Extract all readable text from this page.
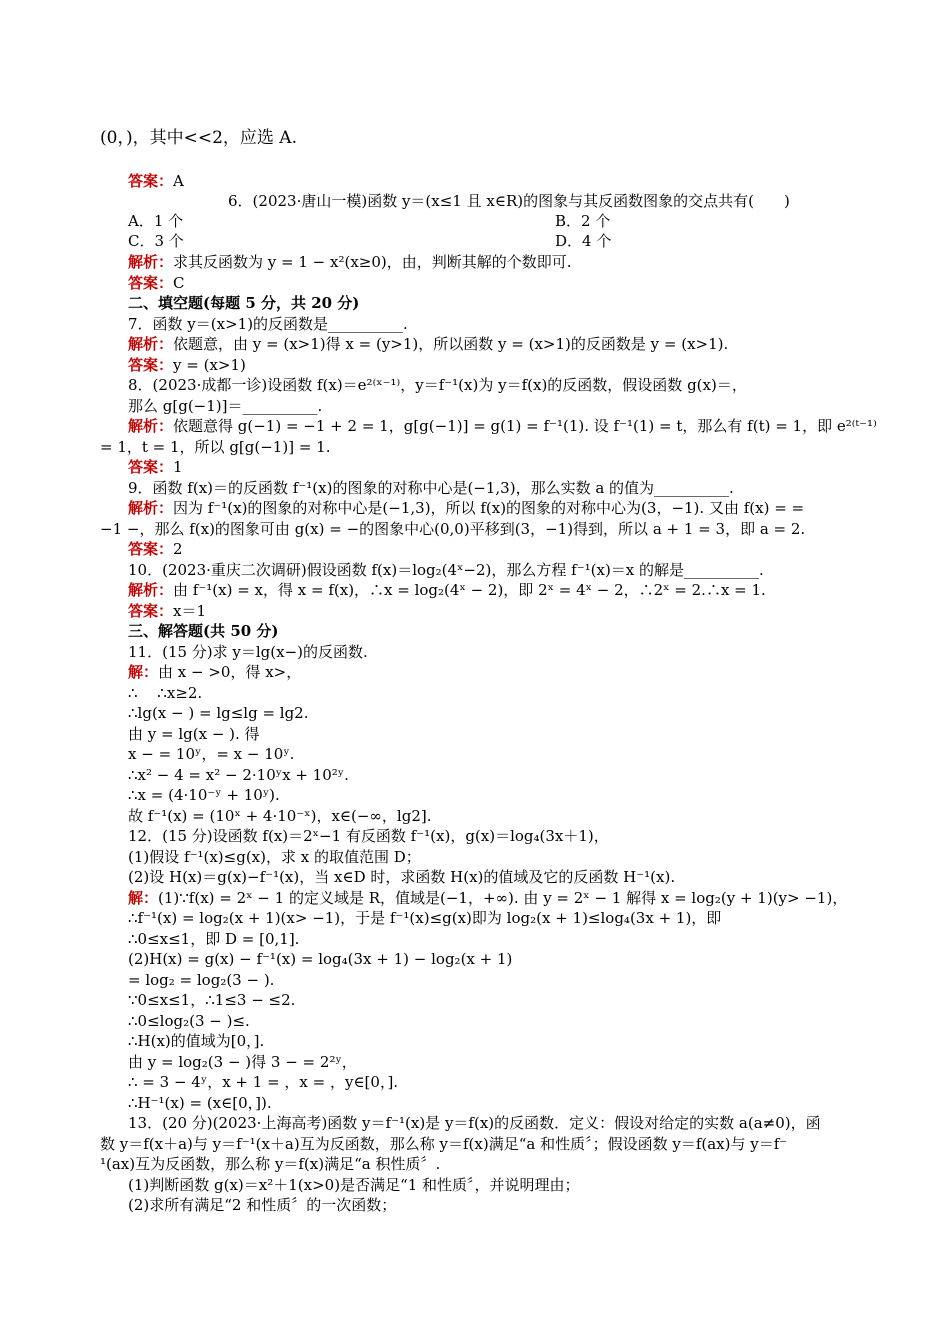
(0，)，其中<<2，应选 A.
答案：A
6．(2023·唐山一模)函数 y＝(x≤1 且 x∈R)的图象与其反函数图象的交点共有(　　)
A．1 个	B．2 个
C．3 个	D．4 个
解析：求其反函数为 y = 1 − x²(x≥0)，由，判断其解的个数即可.
答案：C
二、填空题(每题 5 分，共 20 分)
7．函数 y＝(x>1)的反函数是__________.
解析：依题意，由 y = (x>1)得 x = (y>1)，所以函数 y = (x>1)的反函数是 y = (x>1).
答案：y = (x>1)
8．(2023·成都一诊)设函数 f(x)＝e²⁽ˣ⁻¹⁾，y＝f⁻¹(x)为 y＝f(x)的反函数，假设函数 g(x)＝，
那么 g[g(−1)]＝__________.
解析：依题意得 g(−1) = −1 + 2 = 1，g[g(−1)] = g(1) = f⁻¹(1). 设 f⁻¹(1) = t，那么有 f(t) = 1，即 e²⁽ᵗ⁻¹⁾
= 1，t = 1，所以 g[g(−1)] = 1.
答案：1
9．函数 f(x)＝的反函数 f⁻¹(x)的图象的对称中心是(−1,3)，那么实数 a 的值为__________.
解析：因为 f⁻¹(x)的图象的对称中心是(−1,3)，所以 f(x)的图象的对称中心为(3，−1). 又由 f(x) = =
−1 −，那么 f(x)的图象可由 g(x) = −的图象中心(0,0)平移到(3，−1)得到，所以 a + 1 = 3，即 a = 2.
答案：2
10．(2023·重庆二次调研)假设函数 f(x)＝log₂(4ˣ−2)，那么方程 f⁻¹(x)＝x 的解是__________.
解析：由 f⁻¹(x) = x，得 x = f(x)，∴x = log₂(4ˣ − 2)，即 2ˣ = 4ˣ − 2，∴2ˣ = 2.∴x = 1.
答案：x＝1
三、解答题(共 50 分)
11．(15 分)求 y＝lg(x−)的反函数.
解：由 x − >0，得 x>，
∴　 ∴x≥2.
∴lg(x − ) = lg≤lg = lg2.
由 y = lg(x − ). 得
x − = 10ʸ，= x − 10ʸ.
∴x² − 4 = x² − 2·10ʸx + 10²ʸ.
∴x = (4·10⁻ʸ + 10ʸ).
故 f⁻¹(x) = (10ˣ + 4·10⁻ˣ)，x∈(−∞，lg2].
12．(15 分)设函数 f(x)＝2ˣ−1 有反函数 f⁻¹(x)，g(x)＝log₄(3x＋1)，
(1)假设 f⁻¹(x)≤g(x)，求 x 的取值范围 D；
(2)设 H(x)＝g(x)−f⁻¹(x)，当 x∈D 时，求函数 H(x)的值域及它的反函数 H⁻¹(x).
解：(1)∵f(x) = 2ˣ − 1 的定义域是 R，值域是(−1，+∞). 由 y = 2ˣ − 1 解得 x = log₂(y + 1)(y> −1)，
∴f⁻¹(x) = log₂(x + 1)(x> −1)，于是 f⁻¹(x)≤g(x)即为 log₂(x + 1)≤log₄(3x + 1)，即
∴0≤x≤1，即 D = [0,1].
(2)H(x) = g(x) − f⁻¹(x) = log₄(3x + 1) − log₂(x + 1)
= log₂ = log₂(3 − ).
∵0≤x≤1，∴1≤3 − ≤2.
∴0≤log₂(3 − )≤.
∴H(x)的值域为[0，].
由 y = log₂(3 − )得 3 − = 2²ʸ，
∴ = 3 − 4ʸ，x + 1 = ，x = ，y∈[0，].
∴H⁻¹(x) = (x∈[0，]).
13．(20 分)(2023·上海高考)函数 y＝f⁻¹(x)是 y＝f(x)的反函数．定义：假设对给定的实数 a(a≠0)，函
数 y＝f(x＋a)与 y＝f⁻¹(x＋a)互为反函数，那么称 y＝f(x)满足“a 和性质〞；假设函数 y＝f(ax)与 y＝f⁻
¹(ax)互为反函数，那么称 y＝f(x)满足“a 积性质〞.
(1)判断函数 g(x)＝x²＋1(x>0)是否满足“1 和性质〞，并说明理由；
(2)求所有满足“2 和性质〞的一次函数；
